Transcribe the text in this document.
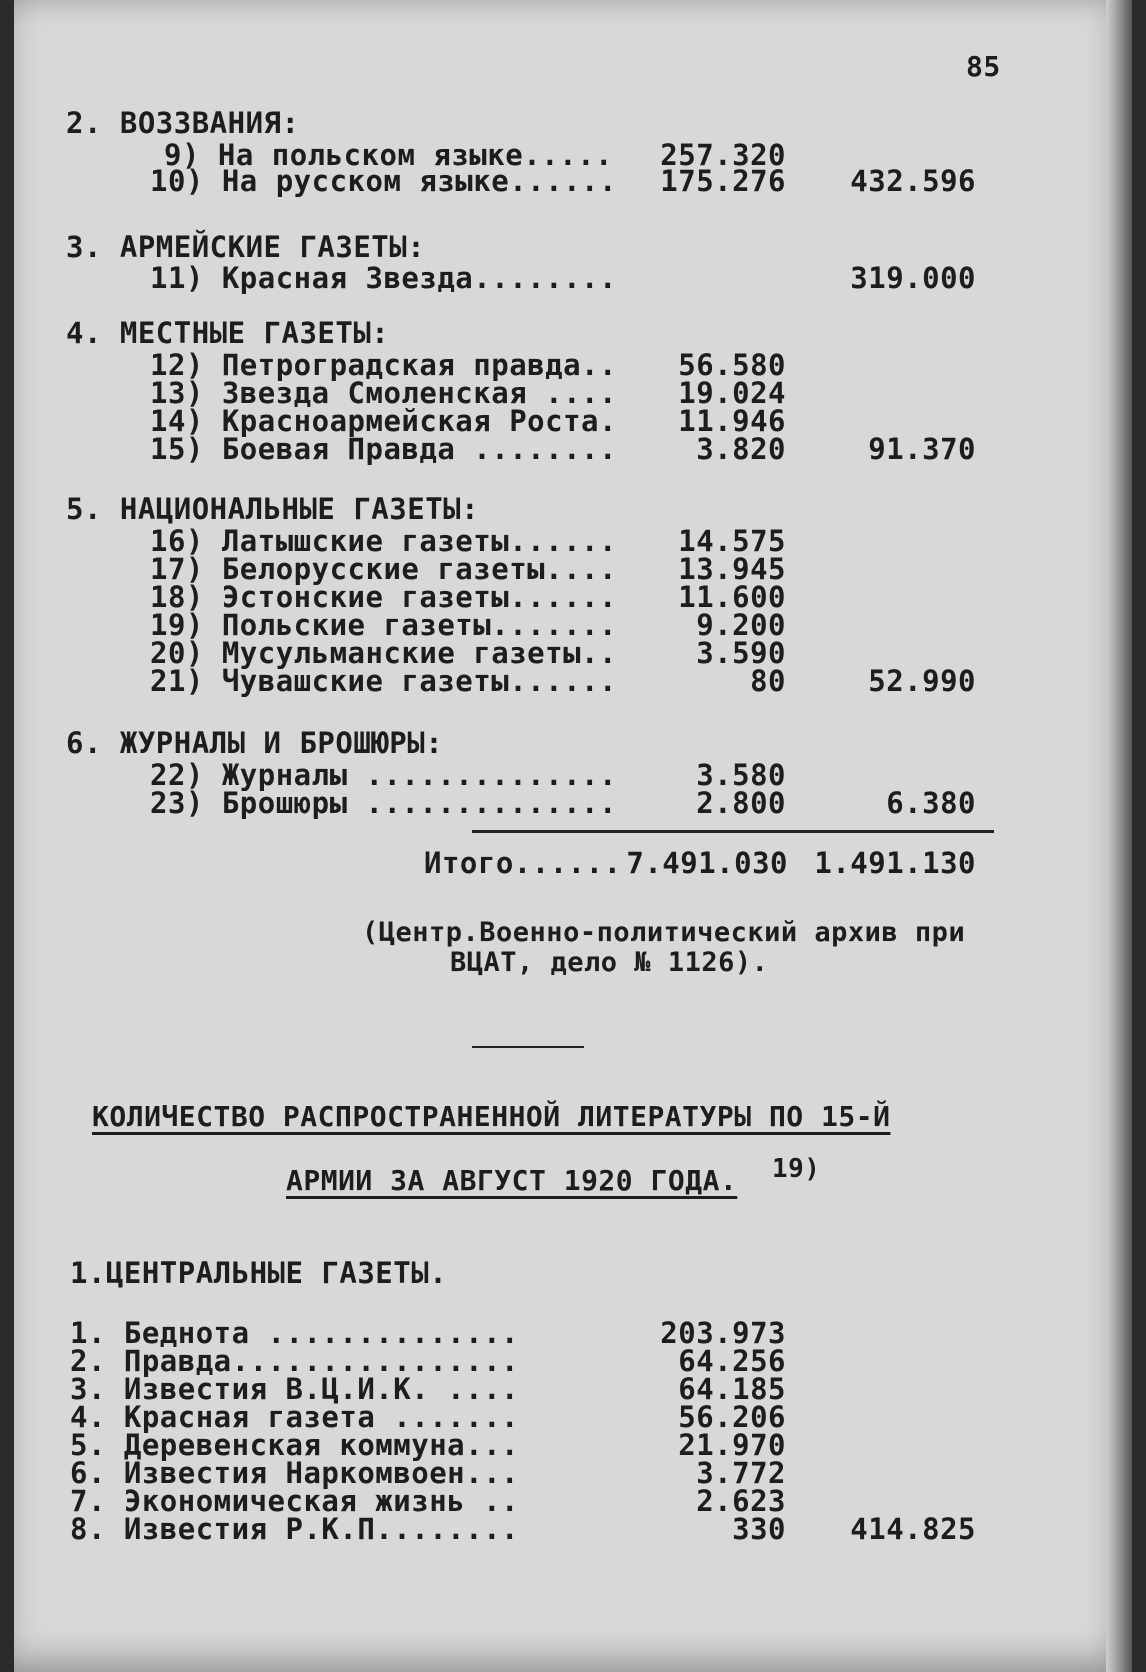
85
2. ВОЗЗВАНИЯ:
9) На польском языке.....	257.320
10) На русском языке......	175.276	432.596
3. АРМЕЙСКИЕ ГАЗЕТЫ:
11) Красная Звезда........	319.000
4. МЕСТНЫЕ ГАЗЕТЫ:
12) Петроградская правда..	56.580
13) Звезда Смоленская ....	19.024
14) Красноармейская Роста.	11.946
15) Боевая Правда ........	3.820	91.370
5. НАЦИОНАЛЬНЫЕ ГАЗЕТЫ:
16) Латышские газеты......	14.575
17) Белорусские газеты....	13.945
18) Эстонские газеты......	11.600
19) Польские газеты.......	9.200
20) Мусульманские газеты..	3.590
21) Чувашские газеты......	80	52.990
6. ЖУРНАЛЫ И БРОШЮРЫ:
22) Журналы ..............	3.580
23) Брошюры ..............	2.800	6.380
Итого...... 7.491.030 1.491.130
(Центр.Военно-политический архив при
ВЦАТ, дело № 1126).
КОЛИЧЕСТВО РАСПРОСТРАНЕННОЙ ЛИТЕРАТУРЫ ПО 15-Й
АРМИИ ЗА АВГУСТ 1920 ГОДА. 19)
1.ЦЕНТРАЛЬНЫЕ ГАЗЕТЫ.
1. Беднота ..............	203.973
2. Правда................	64.256
3. Известия В.Ц.И.К. ....	64.185
4. Красная газета .......	56.206
5. Деревенская коммуна...	21.970
6. Известия Наркомвоен...	3.772
7. Экономическая жизнь ..	2.623
8. Известия Р.К.П........	330	414.825
